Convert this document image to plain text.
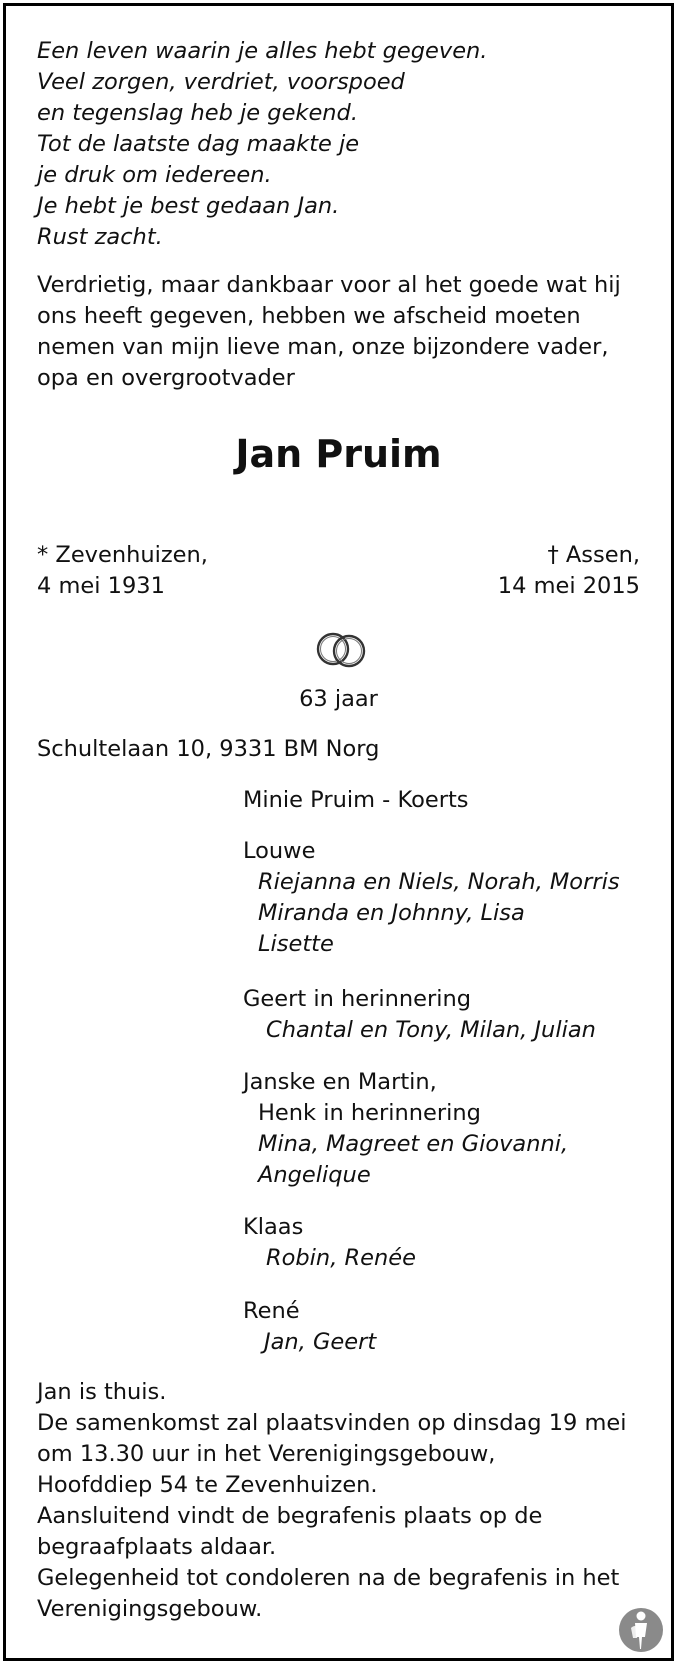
Een leven waarin je alles hebt gegeven.
Veel zorgen, verdriet, voorspoed
en tegenslag heb je gekend.
Tot de laatste dag maakte je
je druk om iedereen.
Je hebt je best gedaan Jan.
Rust zacht.
Verdrietig, maar dankbaar voor al het goede wat hij
ons heeft gegeven, hebben we afscheid moeten
nemen van mijn lieve man, onze bijzondere vader,
opa en overgrootvader
Jan Pruim
* Zevenhuizen,
4 mei 1931
† Assen,
14 mei 2015
63 jaar
Schultelaan 10, 9331 BM Norg
Minie Pruim - Koerts
Louwe
Riejanna en Niels, Norah, Morris
Miranda en Johnny, Lisa
Lisette
Geert in herinnering
Chantal en Tony, Milan, Julian
Janske en Martin,
Henk in herinnering
Mina, Magreet en Giovanni,
Angelique
Klaas
Robin, Renée
René
Jan, Geert
Jan is thuis.
De samenkomst zal plaatsvinden op dinsdag 19 mei
om 13.30 uur in het Verenigingsgebouw,
Hoofddiep 54 te Zevenhuizen.
Aansluitend vindt de begrafenis plaats op de
begraafplaats aldaar.
Gelegenheid tot condoleren na de begrafenis in het
Verenigingsgebouw.
